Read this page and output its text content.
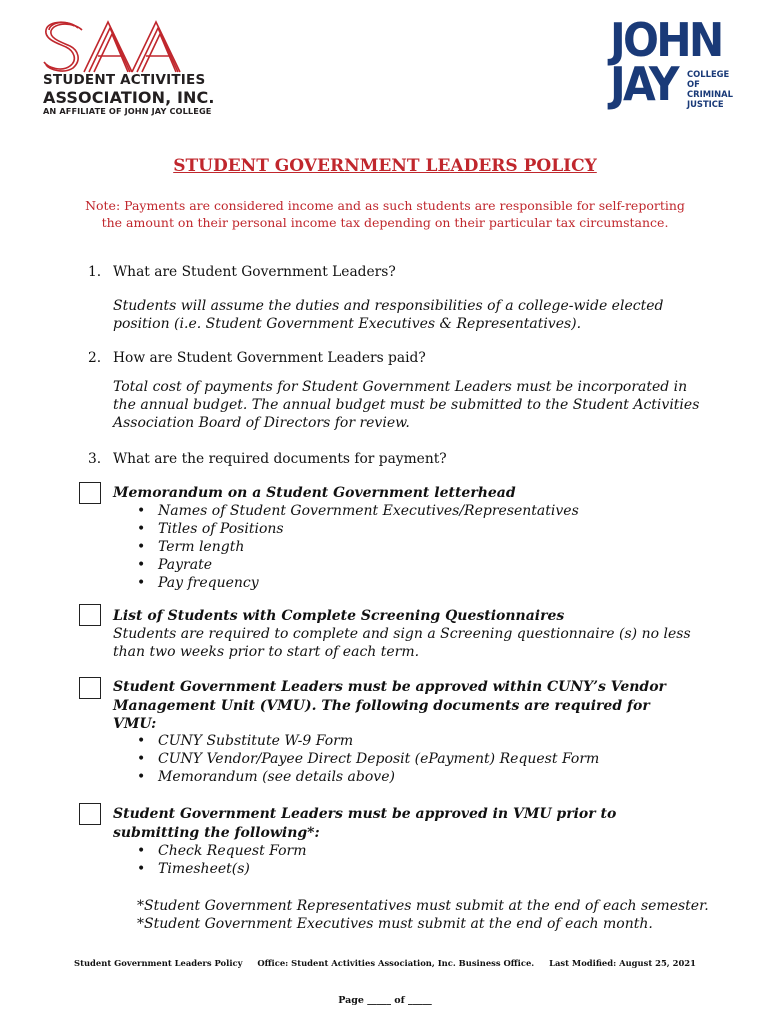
STUDENT ACTIVITIES
ASSOCIATION, INC.
AN AFFILIATE OF JOHN JAY COLLEGE
JOHN
JAY COLLEGE
OF
CRIMINAL
JUSTICE
STUDENT GOVERNMENT LEADERS POLICY
Note: Payments are considered income and as such students are responsible for self-reporting
the amount on their personal income tax depending on their particular tax circumstance.
1. What are Student Government Leaders?
Students will assume the duties and responsibilities of a college-wide elected
position (i.e. Student Government Executives & Representatives).
2. How are Student Government Leaders paid?
Total cost of payments for Student Government Leaders must be incorporated in
the annual budget. The annual budget must be submitted to the Student Activities
Association Board of Directors for review.
3. What are the required documents for payment?
Memorandum on a Student Government letterhead
• Names of Student Government Executives/Representatives
• Titles of Positions
• Term length
• Payrate
• Pay frequency
List of Students with Complete Screening Questionnaires
Students are required to complete and sign a Screening questionnaire (s) no less
than two weeks prior to start of each term.
Student Government Leaders must be approved within CUNY’s Vendor
Management Unit (VMU). The following documents are required for
VMU:
• CUNY Substitute W-9 Form
• CUNY Vendor/Payee Direct Deposit (ePayment) Request Form
• Memorandum (see details above)
Student Government Leaders must be approved in VMU prior to
submitting the following*:
• Check Request Form
• Timesheet(s)
*Student Government Representatives must submit at the end of each semester.
*Student Government Executives must submit at the end of each month.
Student Government Leaders Policy Office: Student Activities Association, Inc. Business Office. Last Modified: August 25, 2021
Page _____ of _____
